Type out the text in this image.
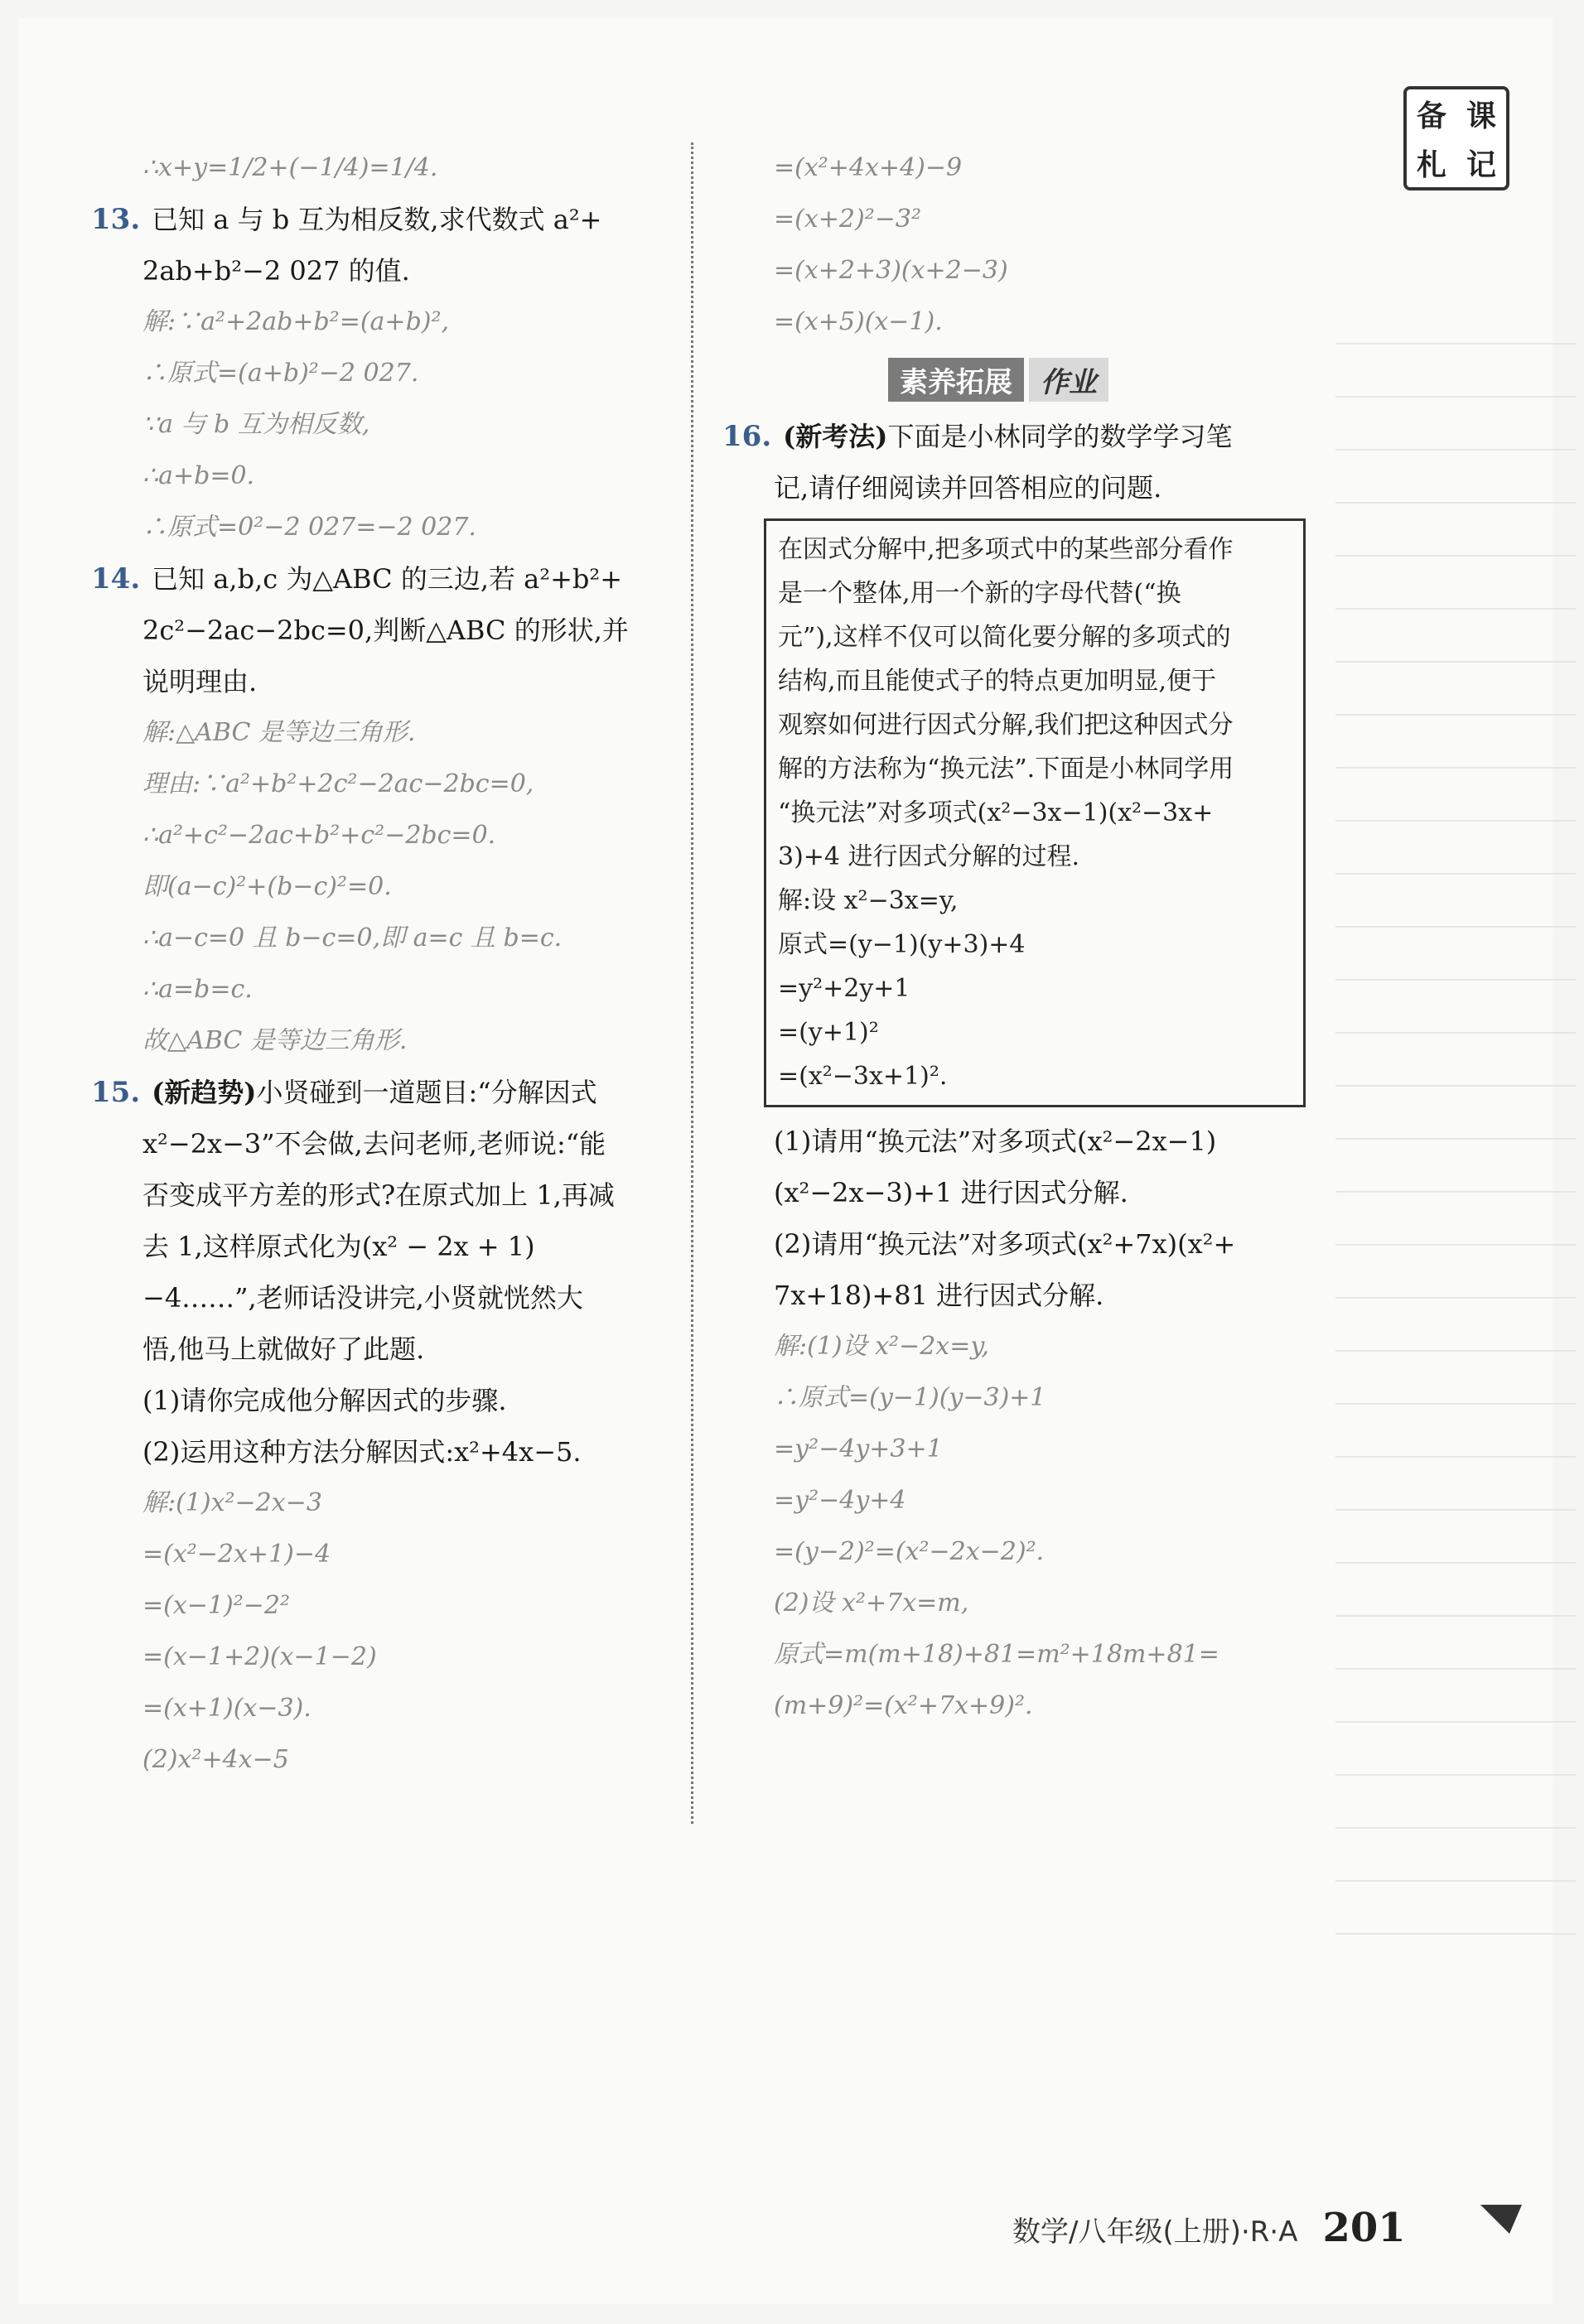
备 课
札 记
∴x+y=1/2+(−1/4)=1/4.
13. 已知 a 与 b 互为相反数,求代数式 a²+
2ab+b²−2 027 的值.
解:∵a²+2ab+b²=(a+b)²,
∴原式=(a+b)²−2 027.
∵a 与 b 互为相反数,
∴a+b=0.
∴原式=0²−2 027=−2 027.
14. 已知 a,b,c 为△ABC 的三边,若 a²+b²+
2c²−2ac−2bc=0,判断△ABC 的形状,并
说明理由.
解:△ABC 是等边三角形.
理由:∵a²+b²+2c²−2ac−2bc=0,
∴a²+c²−2ac+b²+c²−2bc=0.
即(a−c)²+(b−c)²=0.
∴a−c=0 且 b−c=0,即 a=c 且 b=c.
∴a=b=c.
故△ABC 是等边三角形.
15. (新趋势)小贤碰到一道题目:“分解因式
x²−2x−3”不会做,去问老师,老师说:“能
否变成平方差的形式?在原式加上 1,再减
去 1,这样原式化为(x² − 2x + 1)
−4……”,老师话没讲完,小贤就恍然大
悟,他马上就做好了此题.
(1)请你完成他分解因式的步骤.
(2)运用这种方法分解因式:x²+4x−5.
解:(1)x²−2x−3
=(x²−2x+1)−4
=(x−1)²−2²
=(x−1+2)(x−1−2)
=(x+1)(x−3).
(2)x²+4x−5
=(x²+4x+4)−9
=(x+2)²−3²
=(x+2+3)(x+2−3)
=(x+5)(x−1).
素养拓展	作业
16. (新考法)下面是小林同学的数学学习笔
记,请仔细阅读并回答相应的问题.
在因式分解中,把多项式中的某些部分看作
是一个整体,用一个新的字母代替(“换
元”),这样不仅可以简化要分解的多项式的
结构,而且能使式子的特点更加明显,便于
观察如何进行因式分解,我们把这种因式分
解的方法称为“换元法”.下面是小林同学用
“换元法”对多项式(x²−3x−1)(x²−3x+
3)+4 进行因式分解的过程.
解:设 x²−3x=y,
原式=(y−1)(y+3)+4
=y²+2y+1
=(y+1)²
=(x²−3x+1)².
(1)请用“换元法”对多项式(x²−2x−1)
(x²−2x−3)+1 进行因式分解.
(2)请用“换元法”对多项式(x²+7x)(x²+
7x+18)+81 进行因式分解.
解:(1)设 x²−2x=y,
∴原式=(y−1)(y−3)+1
=y²−4y+3+1
=y²−4y+4
=(y−2)²=(x²−2x−2)².
(2)设 x²+7x=m,
原式=m(m+18)+81=m²+18m+81=
(m+9)²=(x²+7x+9)².
数学/八年级(上册)·R·A 201
